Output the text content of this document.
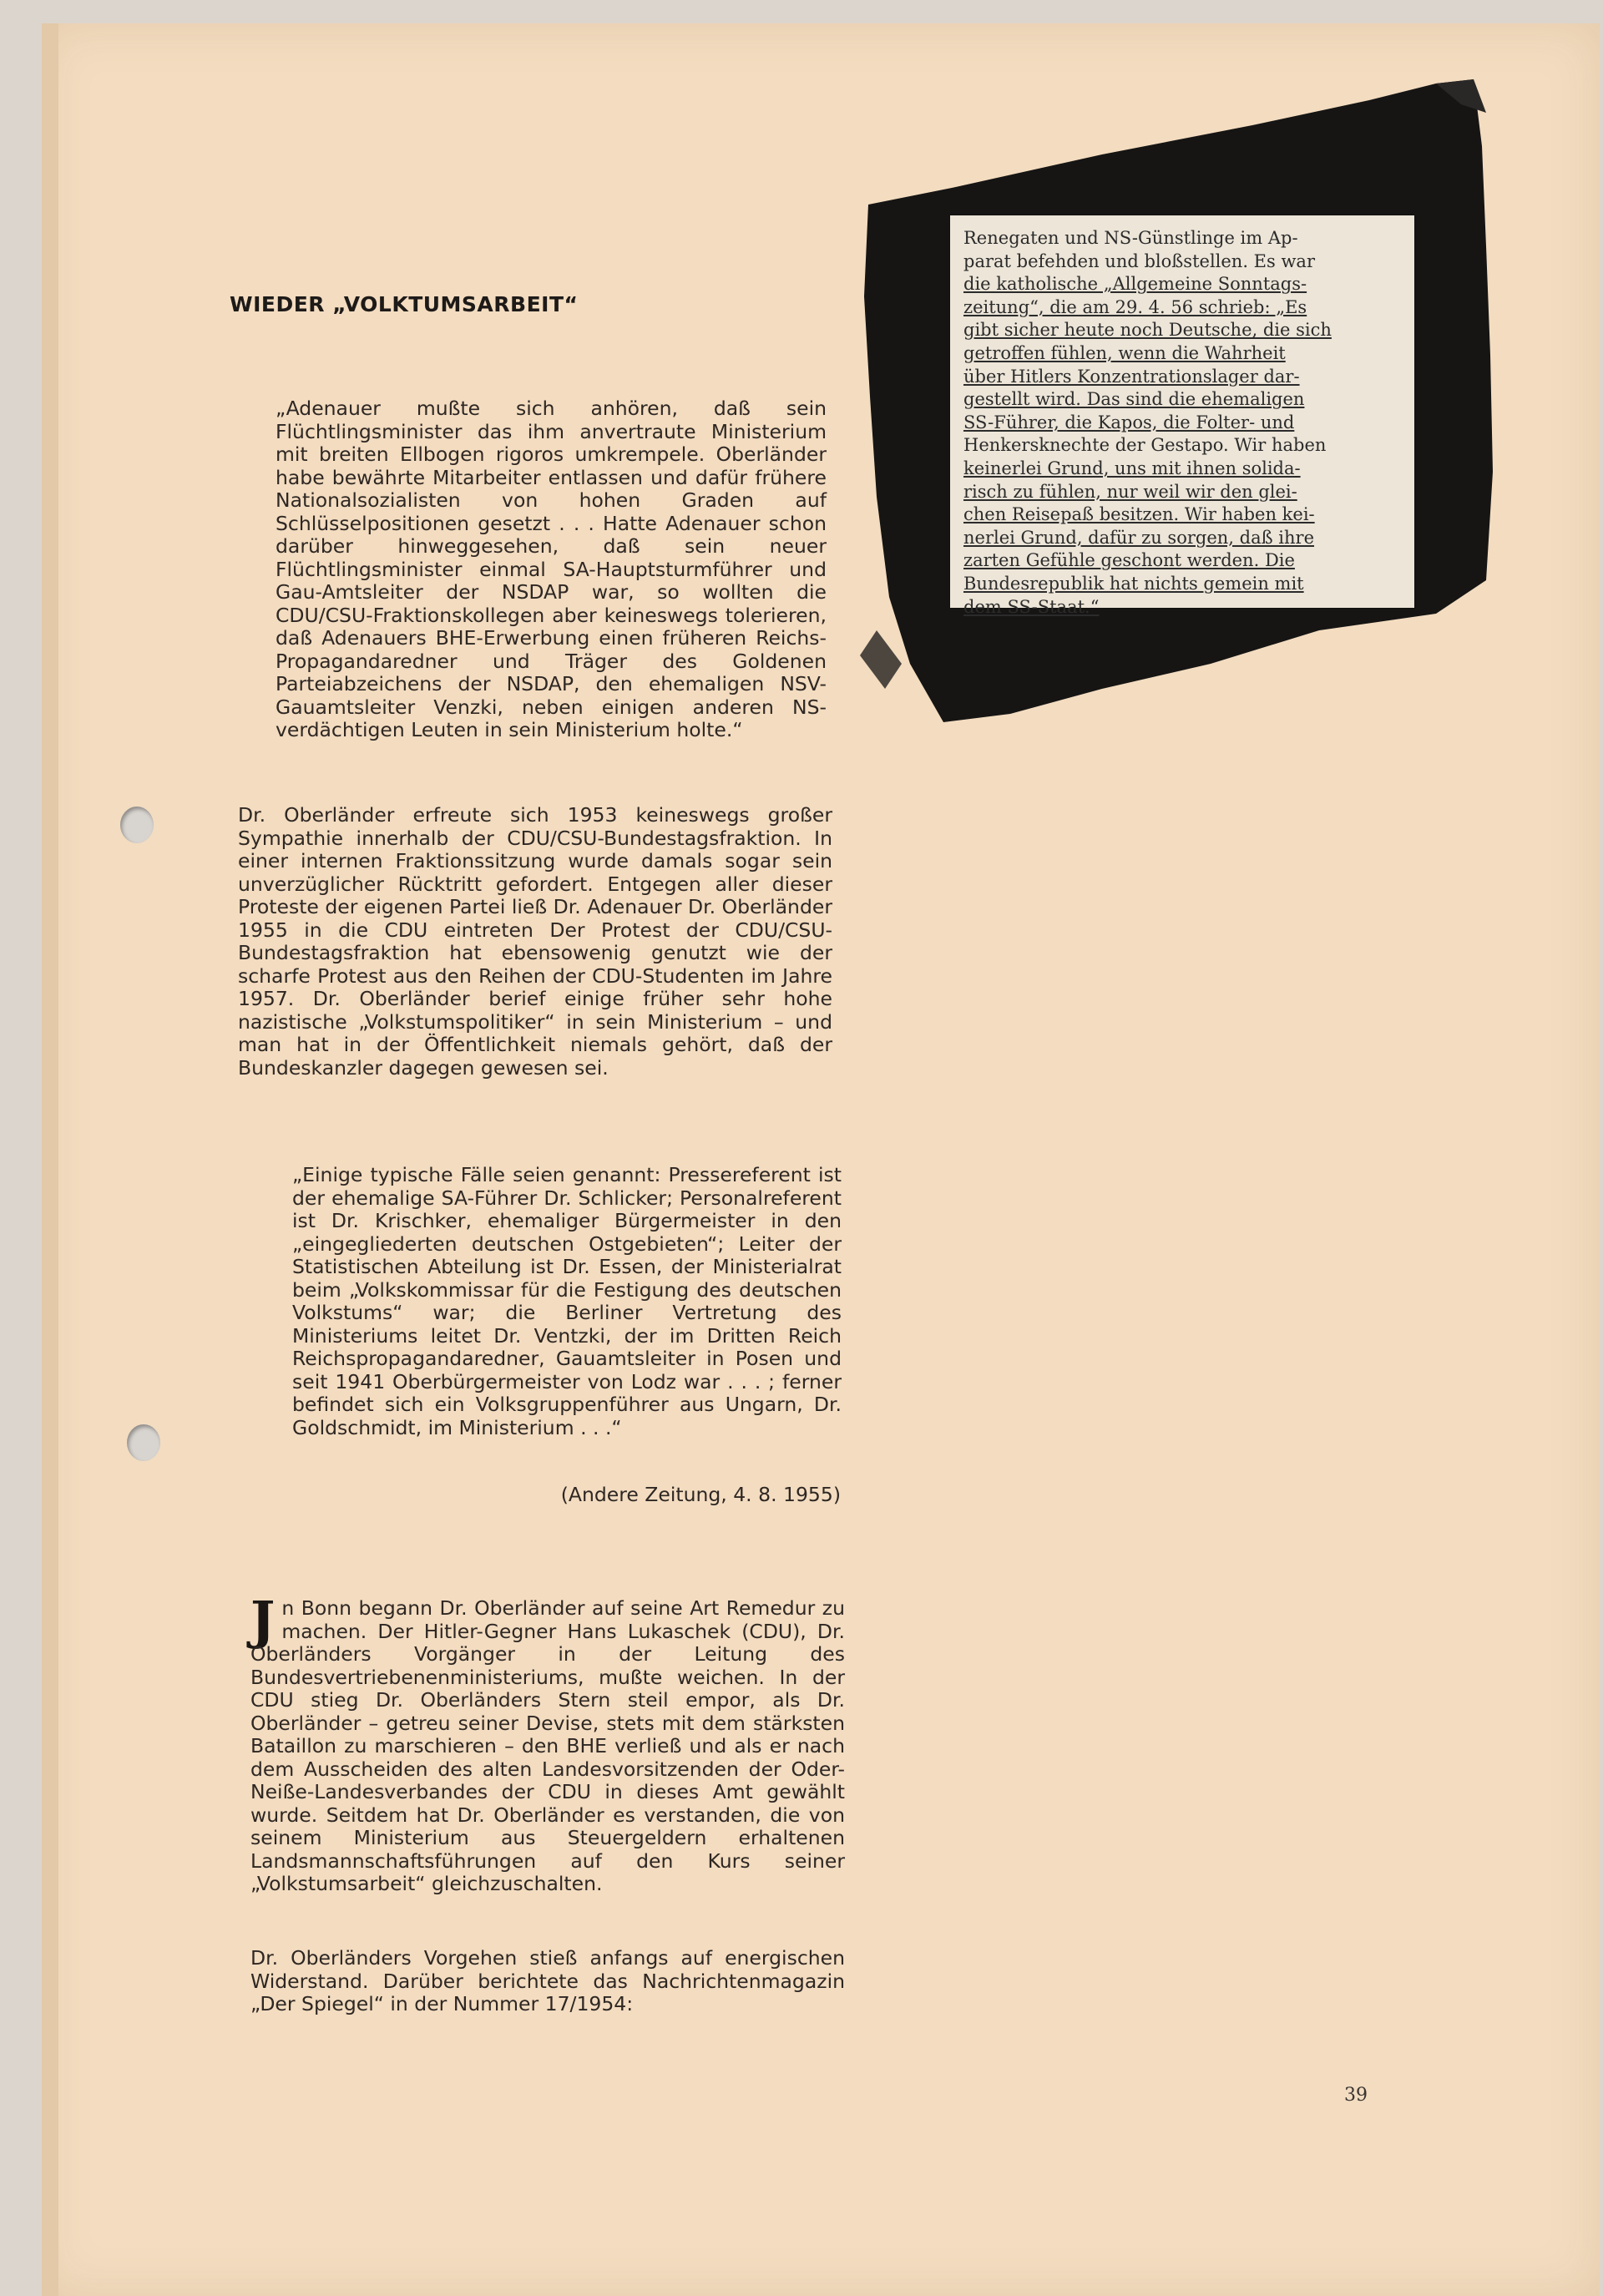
WIEDER „VOLKTUMSARBEIT“

„Adenauer mußte sich anhören, daß sein Flüchtlingsminister das ihm anvertraute Ministerium mit breiten Ellbogen rigoros umkrempele. Oberländer habe bewährte Mitarbeiter entlassen und dafür frühere Nationalsozialisten von hohen Graden auf Schlüsselpositionen gesetzt . . . Hatte Adenauer schon darüber hinweggesehen, daß sein neuer Flüchtlingsminister einmal SA-Hauptsturmführer und Gau-Amtsleiter der NSDAP war, so wollten die CDU/CSU-Fraktionskollegen aber keineswegs tolerieren, daß Adenauers BHE-Erwerbung einen früheren Reichs-Propagandaredner und Träger des Goldenen Parteiabzeichens der NSDAP, den ehemaligen NSV-Gauamtsleiter Venzki, neben einigen anderen NS-verdächtigen Leuten in sein Ministerium holte.“

Dr. Oberländer erfreute sich 1953 keineswegs großer Sympathie innerhalb der CDU/CSU-Bundestagsfraktion. In einer internen Fraktionssitzung wurde damals sogar sein unverzüglicher Rücktritt gefordert. Entgegen aller dieser Proteste der eigenen Partei ließ Dr. Adenauer Dr. Oberländer 1955 in die CDU eintreten Der Protest der CDU/CSU-Bundestagsfraktion hat ebensowenig genutzt wie der scharfe Protest aus den Reihen der CDU-Studenten im Jahre 1957. Dr. Oberländer berief einige früher sehr hohe nazistische „Volkstumspolitiker“ in sein Ministerium – und man hat in der Öffentlichkeit niemals gehört, daß der Bundeskanzler dagegen gewesen sei.

„Einige typische Fälle seien genannt: Pressereferent ist der ehemalige SA-Führer Dr. Schlicker; Personalreferent ist Dr. Krischker, ehemaliger Bürgermeister in den „eingegliederten deutschen Ostgebieten“; Leiter der Statistischen Abteilung ist Dr. Essen, der Ministerialrat beim „Volkskommissar für die Festigung des deutschen Volkstums“ war; die Berliner Vertretung des Ministeriums leitet Dr. Ventzki, der im Dritten Reich Reichspropagandaredner, Gauamtsleiter in Posen und seit 1941 Oberbürgermeister von Lodz war . . . ; ferner befindet sich ein Volksgruppenführer aus Ungarn, Dr. Goldschmidt, im Ministerium . . .“

(Andere Zeitung, 4. 8. 1955)
J n Bonn begann Dr. Oberländer auf seine Art Remedur zu machen. Der Hitler-Gegner Hans Lukaschek (CDU), Dr. Oberländers Vorgänger in der Leitung des Bundesvertriebenenministeriums, mußte weichen. In der CDU stieg Dr. Oberländers Stern steil empor, als Dr. Oberländer – getreu seiner Devise, stets mit dem stärksten Bataillon zu marschieren – den BHE verließ und als er nach dem Ausscheiden des alten Landesvorsitzenden der Oder-Neiße-Landesverbandes der CDU in dieses Amt gewählt wurde. Seitdem hat Dr. Oberländer es verstanden, die von seinem Ministerium aus Steuergeldern erhaltenen Landsmannschaftsführungen auf den Kurs seiner „Volkstumsarbeit“ gleichzuschalten.

Dr. Oberländers Vorgehen stieß anfangs auf energischen Widerstand. Darüber berichtete das Nachrichtenmagazin „Der Spiegel“ in der Nummer 17/1954:

Renegaten und NS-Günstlinge im Ap-
parat befehden und bloßstellen. Es war
die katholische „Allgemeine Sonntags-
zeitung“, die am 29. 4. 56 schrieb: „Es
gibt sicher heute noch Deutsche, die sich
getroffen fühlen, wenn die Wahrheit
über Hitlers Konzentrationslager dar-
gestellt wird. Das sind die ehemaligen
SS-Führer, die Kapos, die Folter- und
Henkersknechte der Gestapo. Wir haben
keinerlei Grund, uns mit ihnen solida-
risch zu fühlen, nur weil wir den glei-
chen Reisepaß besitzen. Wir haben kei-
nerlei Grund, dafür zu sorgen, daß ihre
zarten Gefühle geschont werden. Die
Bundesrepublik hat nichts gemein mit
dem SS-Staat.“
39
